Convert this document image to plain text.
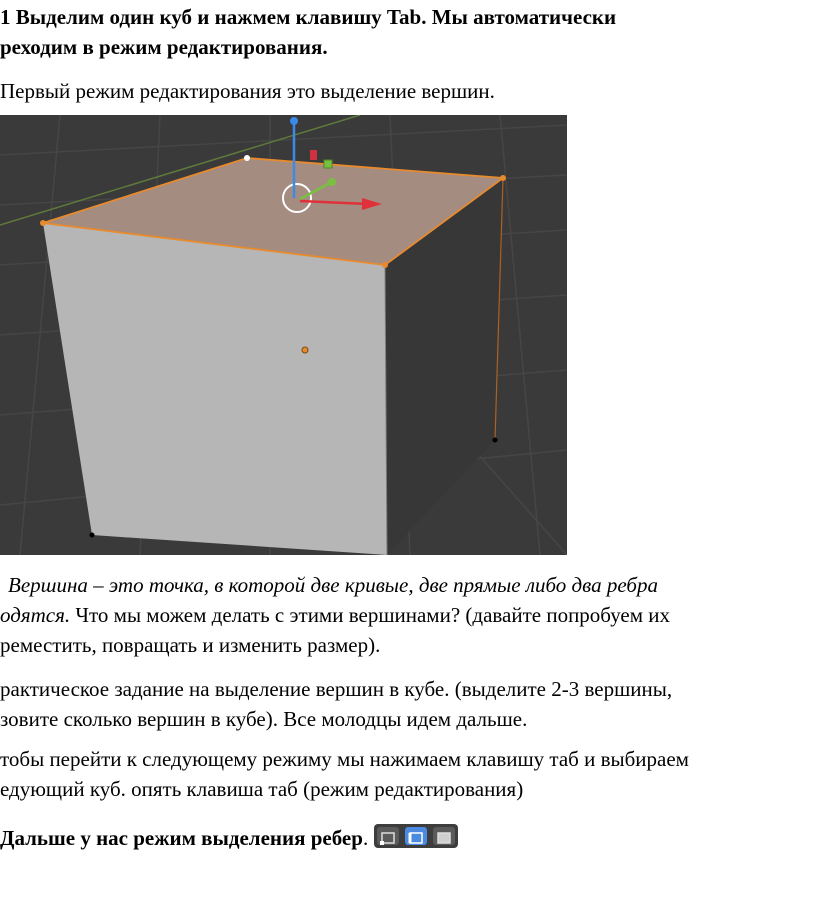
1 Выделим один куб и нажмем клавишу Tab. Мы автоматически
реходим в режим редактирования.
Первый режим редактирования это выделение вершин.
Вершина – это точка, в которой две кривые, две прямые либо два ребра
одятся. Что мы можем делать с этими вершинами? (давайте попробуем их
реместить, повращать и изменить размер).
рактическое задание на выделение вершин в кубе. (выделите 2-3 вершины,
зовите сколько вершин в кубе). Все молодцы идем дальше.
тобы перейти к следующему режиму мы нажимаем клавишу таб и выбираем
едующий куб. опять клавиша таб (режим редактирования)
Дальше у нас режим выделения ребер.
